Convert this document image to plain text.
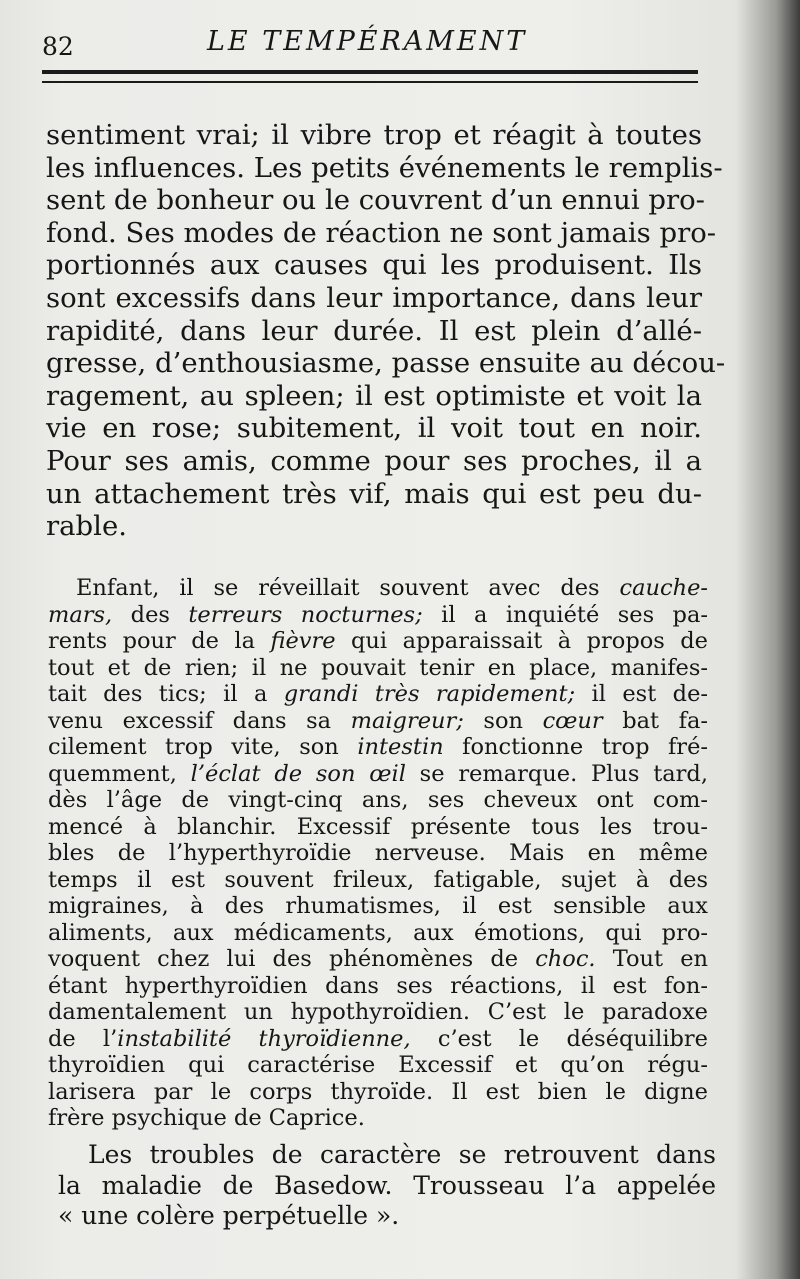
82	LE TEMPÉRAMENT
sentiment vrai; il vibre trop et réagit à toutes
les influences. Les petits événements le remplis-
sent de bonheur ou le couvrent d’un ennui pro-
fond. Ses modes de réaction ne sont jamais pro-
portionnés aux causes qui les produisent. Ils
sont excessifs dans leur importance, dans leur
rapidité, dans leur durée. Il est plein d’allé-
gresse, d’enthousiasme, passe ensuite au décou-
ragement, au spleen; il est optimiste et voit la
vie en rose; subitement, il voit tout en noir.
Pour ses amis, comme pour ses proches, il a
un attachement très vif, mais qui est peu du-
rable.
Enfant, il se réveillait souvent avec des cauche-
mars, des terreurs nocturnes; il a inquiété ses pa-
rents pour de la fièvre qui apparaissait à propos de
tout et de rien; il ne pouvait tenir en place, manifes-
tait des tics; il a grandi très rapidement; il est de-
venu excessif dans sa maigreur; son cœur bat fa-
cilement trop vite, son intestin fonctionne trop fré-
quemment, l’éclat de son œil se remarque. Plus tard,
dès l’âge de vingt-cinq ans, ses cheveux ont com-
mencé à blanchir. Excessif présente tous les trou-
bles de l’hyperthyroïdie nerveuse. Mais en même
temps il est souvent frileux, fatigable, sujet à des
migraines, à des rhumatismes, il est sensible aux
aliments, aux médicaments, aux émotions, qui pro-
voquent chez lui des phénomènes de choc. Tout en
étant hyperthyroïdien dans ses réactions, il est fon-
damentalement un hypothyroïdien. C’est le paradoxe
de l’instabilité thyroïdienne, c’est le déséquilibre
thyroïdien qui caractérise Excessif et qu’on régu-
larisera par le corps thyroïde. Il est bien le digne
frère psychique de Caprice.
Les troubles de caractère se retrouvent dans
la maladie de Basedow. Trousseau l’a appelée
« une colère perpétuelle ».
